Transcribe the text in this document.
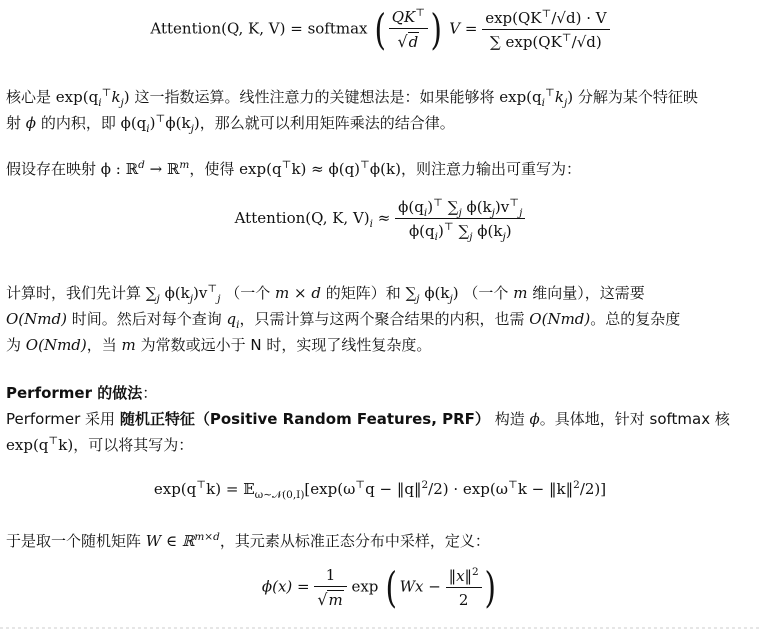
Attention(Q, K, V) = softmax ( $\frac{QK^⊤}{√d}$ ) $V = \frac{\exp(QK^⊤/√d) \cdot V}{\sum \exp(QK^⊤/√d)}$
核心是 $\exp(q_i^⊤k_j)$ 这一指数运算。线性注意力的关键想法是：如果能够将 $\exp(q_i^⊤k_j)$ 分解为某个特征映
射 ϕ 的内积，即 $\phi(q_i)^⊤\phi(k_j)$，那么就可以利用矩阵乘法的结合律。
假设存在映射 ϕ : ℝ$^d$ → ℝ$^m$，使得 exp(q⊤k) ≈ ϕ(q)⊤ϕ(k)，则注意力输出可重写为：
Attention(Q, K, $V)_i \approx \frac{\phi(q_i)^⊤ \sum_j \phi(k_j)v^⊤_j}{\phi(q_i)^⊤ \sum_j \phi(k_j)}$
计算时，我们先计算 $\sum_j$ $\phi(k_j)v^⊤_j$ （一个 m × d 的矩阵）和 $\sum_j$ $\phi(k_j)$ （一个 m 维向量），这需要
O(Nmd) 时间。然后对每个查询 $q_i$，只需计算与这两个聚合结果的内积，也需 O(Nmd)。总的复杂度
为 O(Nmd)，当 m 为常数或远小于 N 时，实现了线性复杂度。
Performer 的做法：
Performer 采用 随机正特征（Positive Random Features, PRF） 构造 ϕ。具体地，针对 softmax 核
exp(q⊤k)，可以将其写为：
exp(q⊤k) = 𝔼$_{\omega\sim 𝒩(0,I)}$[exp(ω⊤q − ‖q‖$^2$/2) · exp(ω⊤k − ‖k‖$^2$/2)]
于是取一个随机矩阵 W ∈ ℝ$^{m\times d}$，其元素从标准正态分布中采样，定义：
$\phi(x) = \frac{1}{√m}$ exp ( $Wx - \frac{‖x‖^2}{2}$ )
